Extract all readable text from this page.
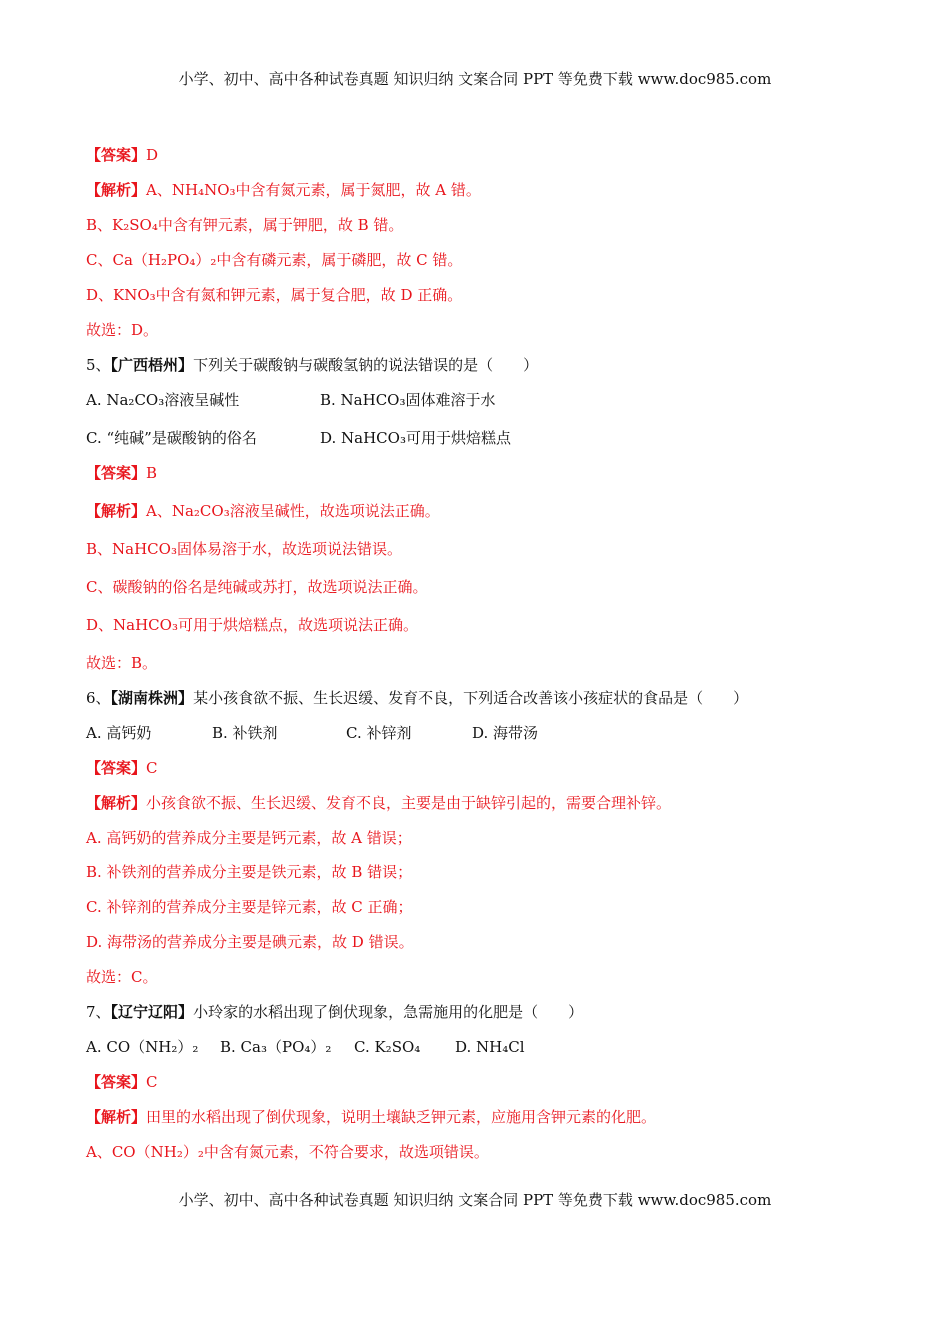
小学、初中、高中各种试卷真题 知识归纳 文案合同 PPT 等免费下载 www.doc985.com
【答案】D
【解析】A、NH₄NO₃中含有氮元素，属于氮肥，故 A 错。
B、K₂SO₄中含有钾元素，属于钾肥，故 B 错。
C、Ca（H₂PO₄）₂中含有磷元素，属于磷肥，故 C 错。
D、KNO₃中含有氮和钾元素，属于复合肥，故 D 正确。
故选：D。
5、【广西梧州】下列关于碳酸钠与碳酸氢钠的说法错误的是（　　）
A. Na₂CO₃溶液呈碱性	B. NaHCO₃固体难溶于水
C. “纯碱”是碳酸钠的俗名	D. NaHCO₃可用于烘焙糕点
【答案】B
【解析】A、Na₂CO₃溶液呈碱性，故选项说法正确。
B、NaHCO₃固体易溶于水，故选项说法错误。
C、碳酸钠的俗名是纯碱或苏打，故选项说法正确。
D、NaHCO₃可用于烘焙糕点，故选项说法正确。
故选：B。
6、【湖南株洲】某小孩食欲不振、生长迟缓、发育不良，下列适合改善该小孩症状的食品是（　　）
A. 高钙奶	B. 补铁剂	C. 补锌剂	D. 海带汤
【答案】C
【解析】小孩食欲不振、生长迟缓、发育不良，主要是由于缺锌引起的，需要合理补锌。
A. 高钙奶的营养成分主要是钙元素，故 A 错误；
B. 补铁剂的营养成分主要是铁元素，故 B 错误；
C. 补锌剂的营养成分主要是锌元素，故 C 正确；
D. 海带汤的营养成分主要是碘元素，故 D 错误。
故选：C。
7、【辽宁辽阳】小玲家的水稻出现了倒伏现象，急需施用的化肥是（　　）
A. CO（NH₂）₂ B. Ca₃（PO₄）₂ C. K₂SO₄ D. NH₄Cl
【答案】C
【解析】田里的水稻出现了倒伏现象，说明土壤缺乏钾元素，应施用含钾元素的化肥。
A、CO（NH₂）₂中含有氮元素，不符合要求，故选项错误。
小学、初中、高中各种试卷真题 知识归纳 文案合同 PPT 等免费下载 www.doc985.com
